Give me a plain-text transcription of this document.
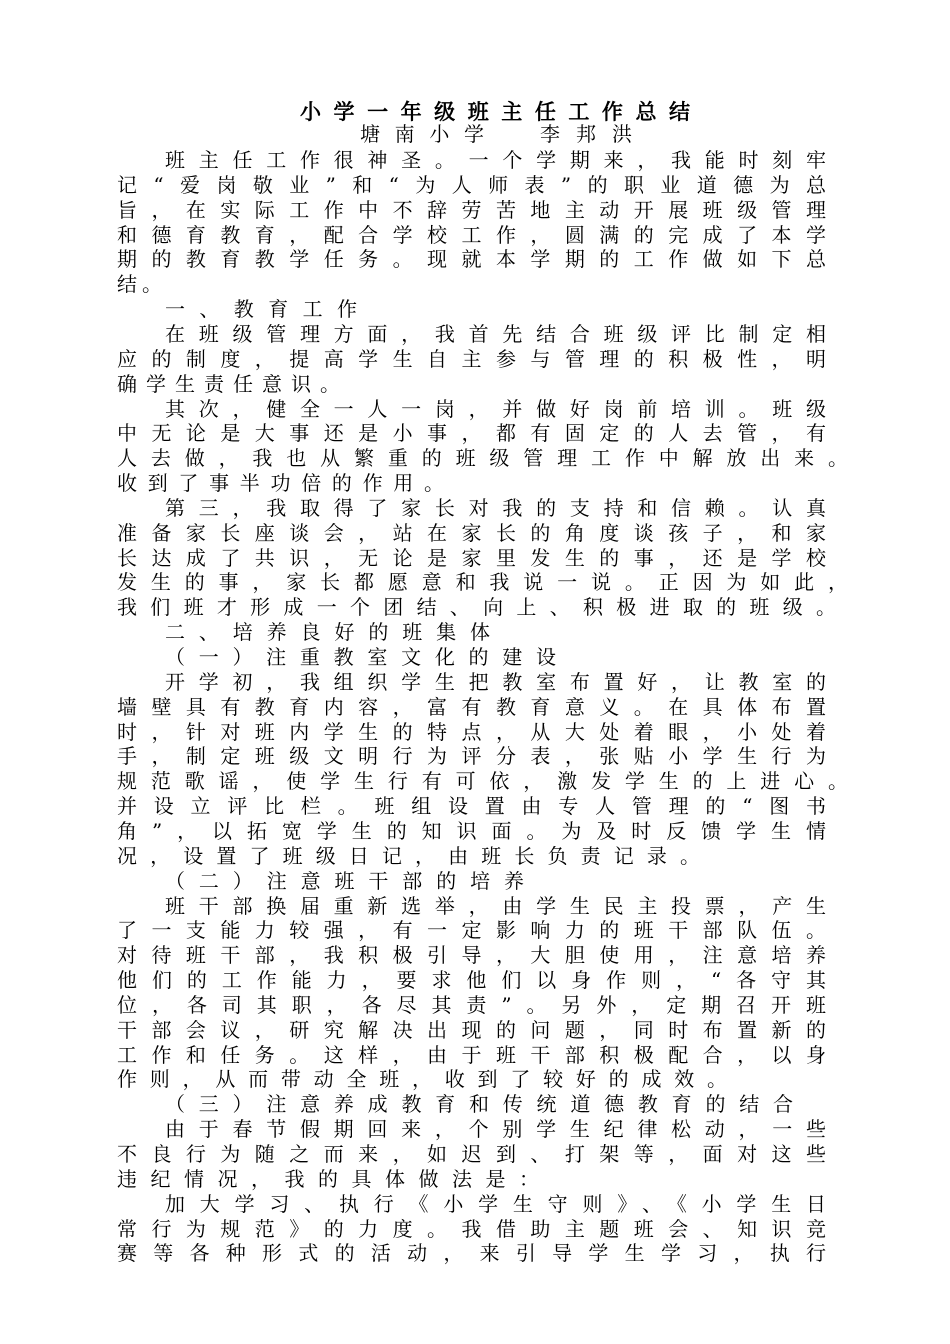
小学一年级班主任工作总结
塘南小学	李邦洪
班主任工作很神圣。一个学期来，我能时刻牢
记“爱岗敬业”和“为人师表”的职业道德为总
旨，在实际工作中不辞劳苦地主动开展班级管理
和德育教育，配合学校工作，圆满的完成了本学
期的教育教学任务。现就本学期的工作做如下总
结。
一、教育工作
在班级管理方面，我首先结合班级评比制定相
应的制度，提高学生自主参与管理的积极性，明
确学生责任意识。
其次，健全一人一岗，并做好岗前培训。班级
中无论是大事还是小事，都有固定的人去管，有
人去做，我也从繁重的班级管理工作中解放出来。
收到了事半功倍的作用。
第三，我取得了家长对我的支持和信赖。认真
准备家长座谈会，站在家长的角度谈孩子，和家
长达成了共识，无论是家里发生的事，还是学校
发生的事，家长都愿意和我说一说。正因为如此，
我们班才形成一个团结、向上、积极进取的班级。
二、培养良好的班集体
（一）注重教室文化的建设
开学初，我组织学生把教室布置好，让教室的
墙壁具有教育内容，富有教育意义。在具体布置
时，针对班内学生的特点，从大处着眼，小处着
手，制定班级文明行为评分表，张贴小学生行为
规范歌谣，使学生行有可依，激发学生的上进心。
并设立评比栏。班组设置由专人管理的“图书
角”，以拓宽学生的知识面。为及时反馈学生情
况，设置了班级日记，由班长负责记录。
（二）注意班干部的培养
班干部换届重新选举，由学生民主投票，产生
了一支能力较强，有一定影响力的班干部队伍。
对待班干部，我积极引导，大胆使用，注意培养
他们的工作能力，要求他们以身作则，“各守其
位，各司其职，各尽其责”。另外，定期召开班
干部会议，研究解决出现的问题，同时布置新的
工作和任务。这样，由于班干部积极配合，以身
作则，从而带动全班，收到了较好的成效。
（三）注意养成教育和传统道德教育的结合
由于春节假期回来，个别学生纪律松动，一些
不良行为随之而来，如迟到、打架等，面对这些
违纪情况，我的具体做法是：
加大学习、执行《小学生守则》、《小学生日
常行为规范》的力度。我借助主题班会、知识竞
赛等各种形式的活动，来引导学生学习，执行
